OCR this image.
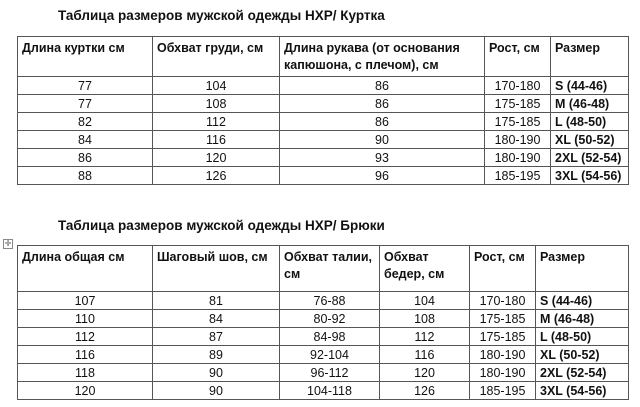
Таблица размеров мужской одежды НХР/ Куртка
Длина куртки см	Обхват груди, см	Длина рукава (от основания капюшона, с плечом), см	Рост, см	Размер
77	104	86	170-180	S (44-46)
77	108	86	175-185	M (46-48)
82	112	86	175-185	L (48-50)
84	116	90	180-190	XL (50-52)
86	120	93	180-190	2XL (52-54)
88	126	96	185-195	3XL (54-56)
Таблица размеров мужской одежды НХР/ Брюки
✛
Длина общая см	Шаговый шов, см	Обхват талии, см	Обхват бедер, см	Рост, см	Размер
107	81	76-88	104	170-180	S (44-46)
110	84	80-92	108	175-185	M (46-48)
112	87	84-98	112	175-185	L (48-50)
116	89	92-104	116	180-190	XL (50-52)
118	90	96-112	120	180-190	2XL (52-54)
120	90	104-118	126	185-195	3XL (54-56)
